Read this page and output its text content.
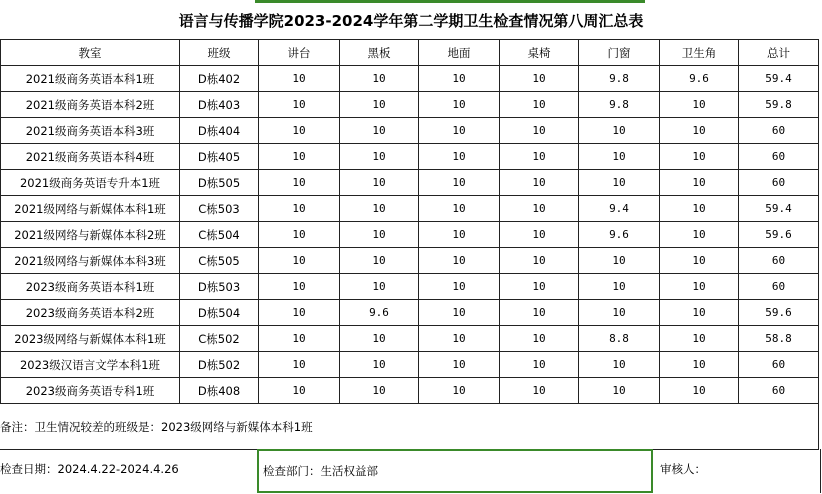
语言与传播学院2023-2024学年第二学期卫生检查情况第八周汇总表
教室	班级	讲台	黑板	地面	桌椅	门窗	卫生角	总计
2021级商务英语本科1班	D栋402	10	10	10	10	9.8	9.6	59.4
2021级商务英语本科2班	D栋403	10	10	10	10	9.8	10	59.8
2021级商务英语本科3班	D栋404	10	10	10	10	10	10	60
2021级商务英语本科4班	D栋405	10	10	10	10	10	10	60
2021级商务英语专升本1班	D栋505	10	10	10	10	10	10	60
2021级网络与新媒体本科1班	C栋503	10	10	10	10	9.4	10	59.4
2021级网络与新媒体本科2班	C栋504	10	10	10	10	9.6	10	59.6
2021级网络与新媒体本科3班	C栋505	10	10	10	10	10	10	60
2023级商务英语本科1班	D栋503	10	10	10	10	10	10	60
2023级商务英语本科2班	D栋504	10	9.6	10	10	10	10	59.6
2023级网络与新媒体本科1班	C栋502	10	10	10	10	8.8	10	58.8
2023级汉语言文学本科1班	D栋502	10	10	10	10	10	10	60
2023级商务英语专科1班	D栋408	10	10	10	10	10	10	60
备注：卫生情况较差的班级是：2023级网络与新媒体本科1班
检查日期：2024.4.22-2024.4.26	检查部门：生活权益部	审核人：
